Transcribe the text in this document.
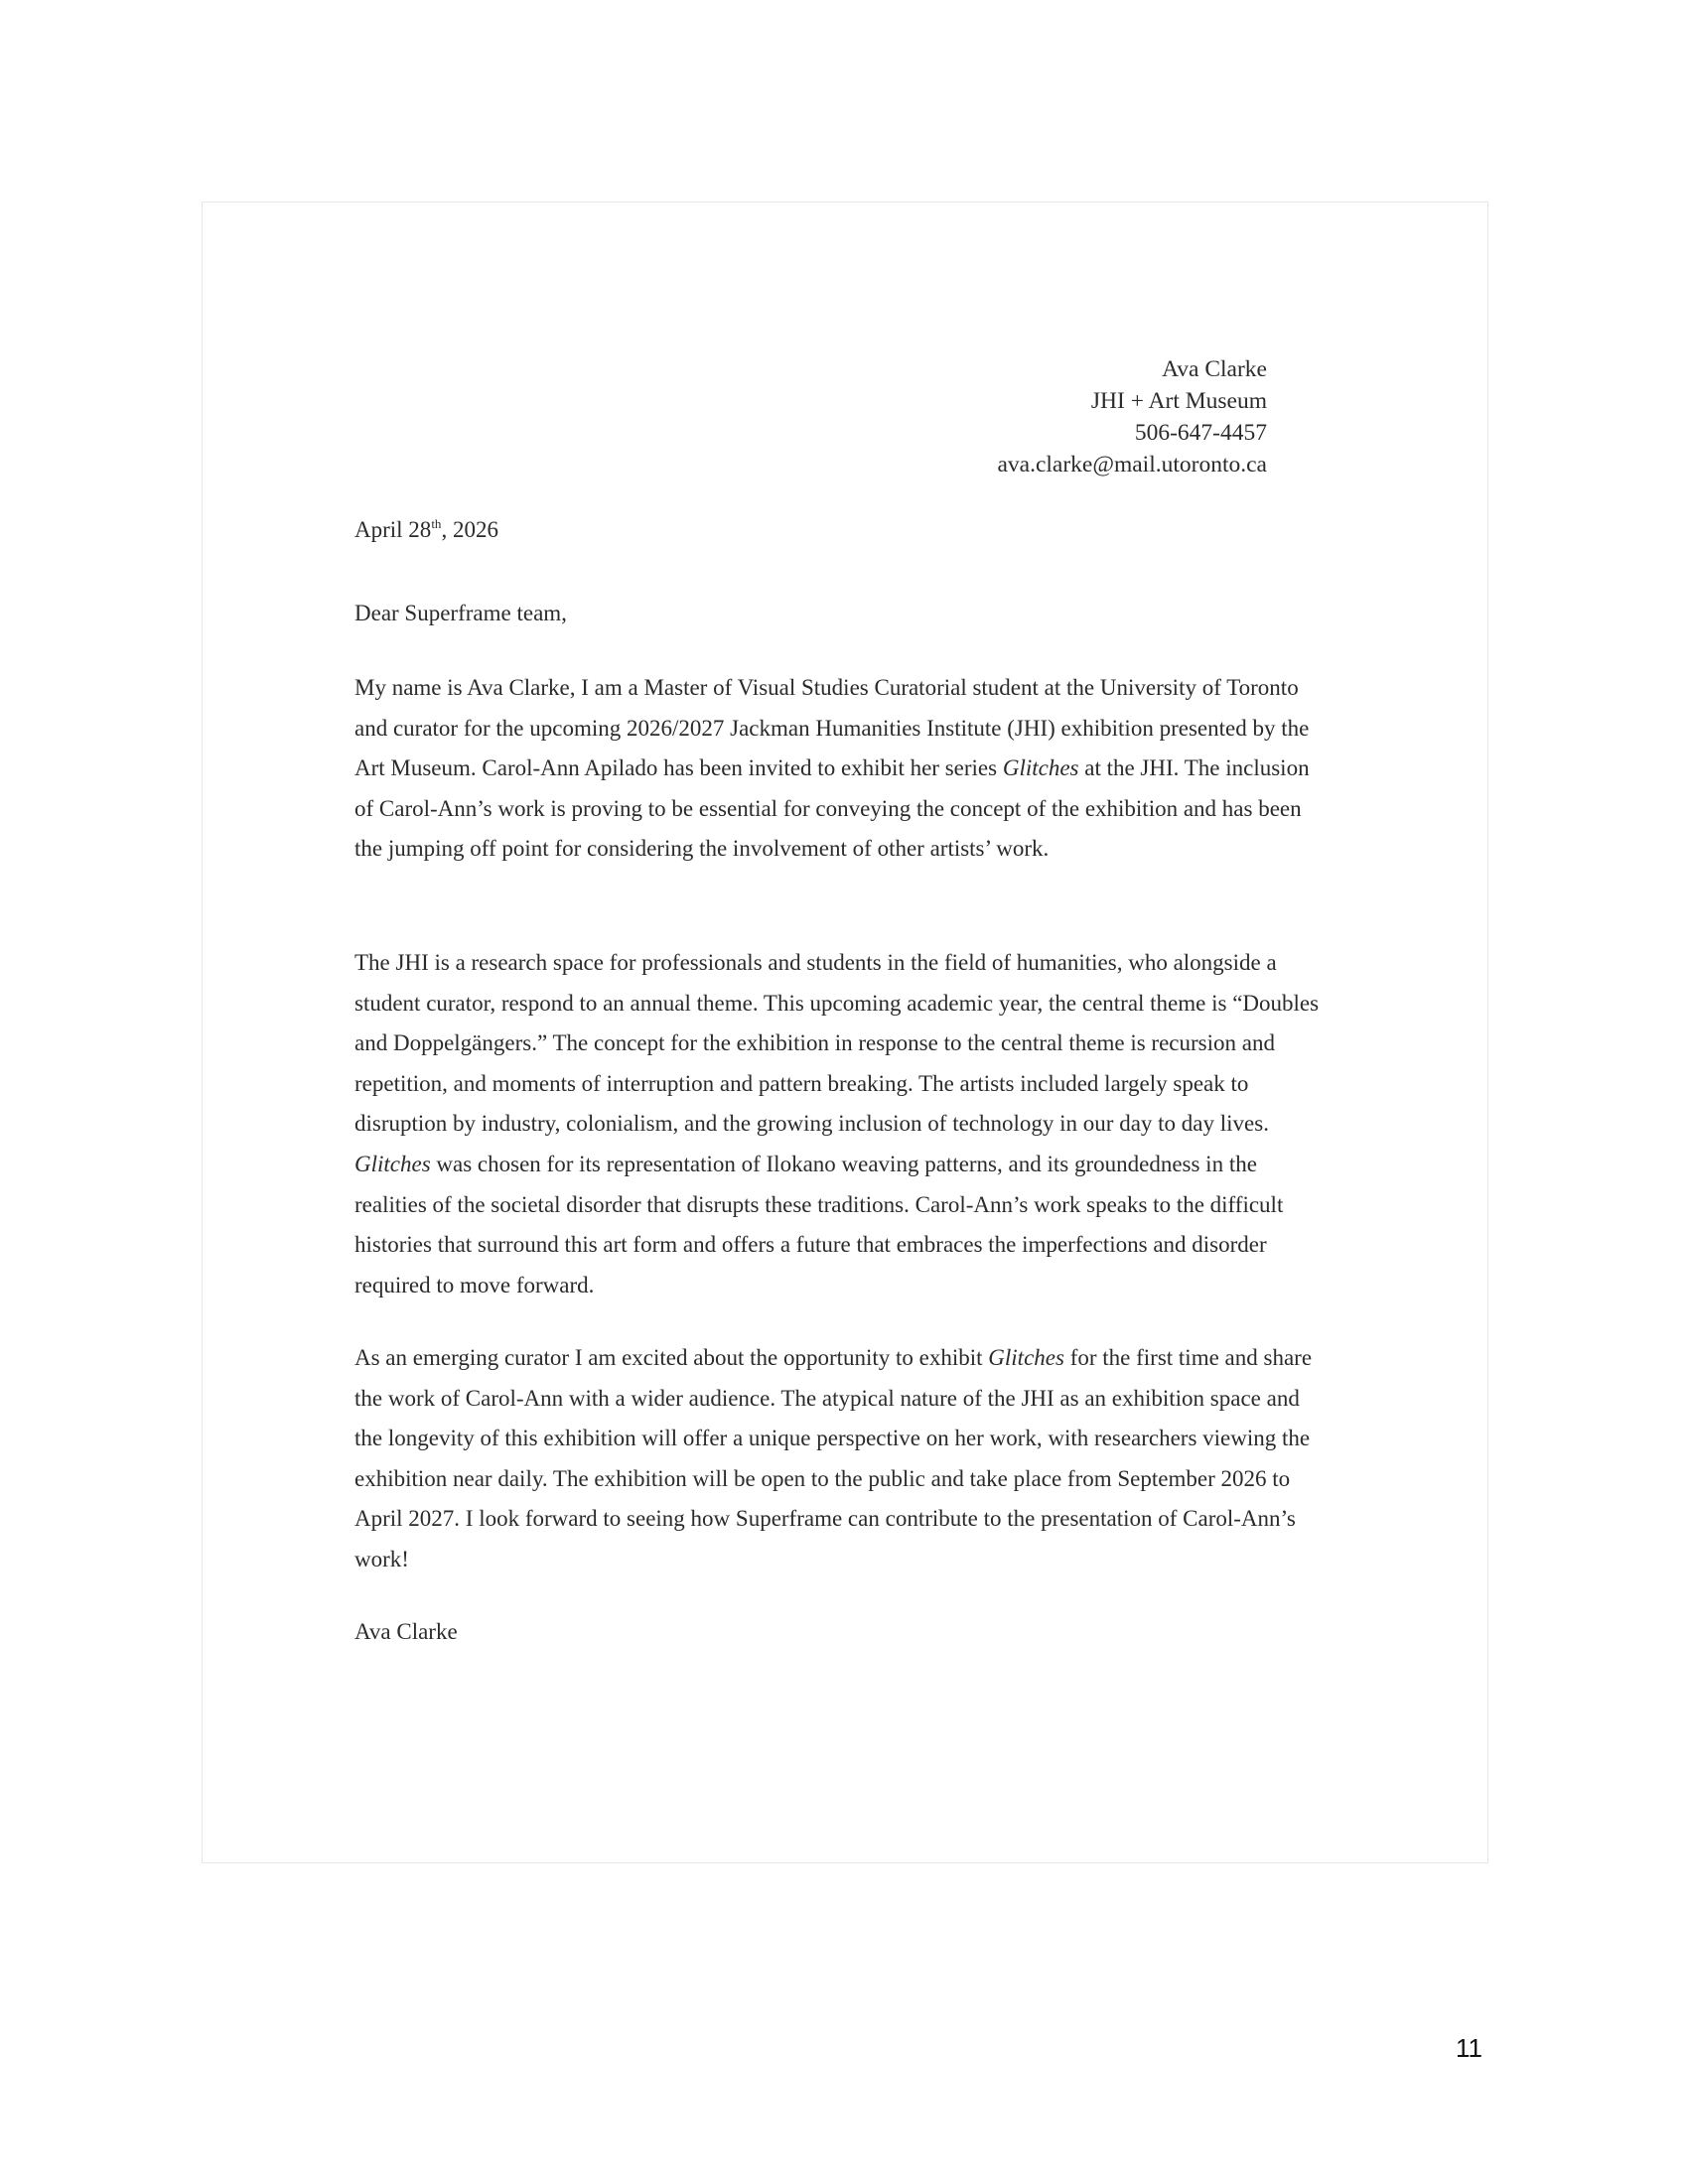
Ava Clarke
JHI + Art Museum
506-647-4457
ava.clarke@mail.utoronto.ca
April 28th, 2026
Dear Superframe team,

My name is Ava Clarke, I am a Master of Visual Studies Curatorial student at the University of Toronto and curator for the upcoming 2026/2027 Jackman Humanities Institute (JHI) exhibition presented by the Art Museum. Carol-Ann Apilado has been invited to exhibit her series Glitches at the JHI. The inclusion of Carol-Ann’s work is proving to be essential for conveying the concept of the exhibition and has been the jumping off point for considering the involvement of other artists’ work.

The JHI is a research space for professionals and students in the field of humanities, who alongside a student curator, respond to an annual theme. This upcoming academic year, the central theme is “Doubles and Doppelgängers.” The concept for the exhibition in response to the central theme is recursion and repetition, and moments of interruption and pattern breaking. The artists included largely speak to disruption by industry, colonialism, and the growing inclusion of technology in our day to day lives. Glitches was chosen for its representation of Ilokano weaving patterns, and its groundedness in the realities of the societal disorder that disrupts these traditions. Carol-Ann’s work speaks to the difficult histories that surround this art form and offers a future that embraces the imperfections and disorder required to move forward.

As an emerging curator I am excited about the opportunity to exhibit Glitches for the first time and share the work of Carol-Ann with a wider audience. The atypical nature of the JHI as an exhibition space and the longevity of this exhibition will offer a unique perspective on her work, with researchers viewing the exhibition near daily. The exhibition will be open to the public and take place from September 2026 to April 2027. I look forward to seeing how Superframe can contribute to the presentation of Carol-Ann’s work!

Ava Clarke
11
